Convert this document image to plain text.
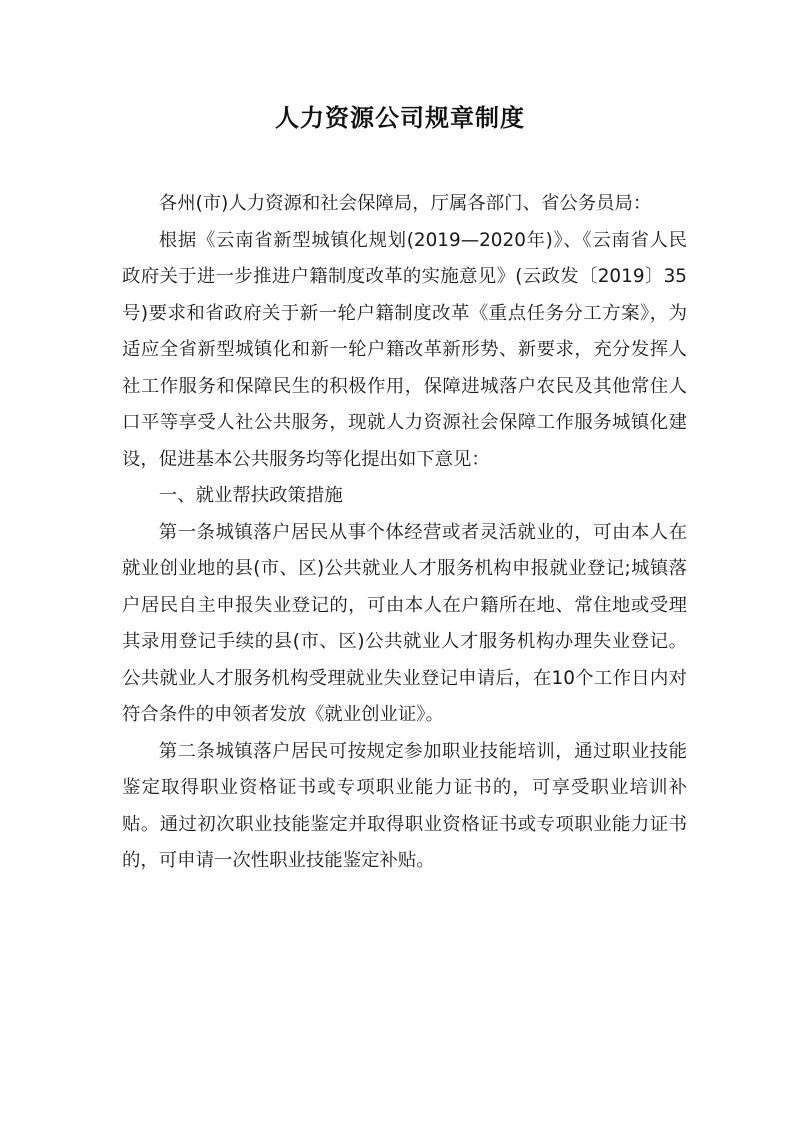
人力资源公司规章制度

各州(市)人力资源和社会保障局，厅属各部门、省公务员局：

根据《云南省新型城镇化规划(2019—2020年)》、《云南省人民政府关于进一步推进户籍制度改革的实施意见》(云政发〔2019〕35号)要求和省政府关于新一轮户籍制度改革《重点任务分工方案》，为适应全省新型城镇化和新一轮户籍改革新形势、新要求，充分发挥人社工作服务和保障民生的积极作用，保障进城落户农民及其他常住人口平等享受人社公共服务，现就人力资源社会保障工作服务城镇化建设，促进基本公共服务均等化提出如下意见：

一、就业帮扶政策措施

第一条城镇落户居民从事个体经营或者灵活就业的，可由本人在就业创业地的县(市、区)公共就业人才服务机构申报就业登记;城镇落户居民自主申报失业登记的，可由本人在户籍所在地、常住地或受理其录用登记手续的县(市、区)公共就业人才服务机构办理失业登记。公共就业人才服务机构受理就业失业登记申请后，在10个工作日内对符合条件的申领者发放《就业创业证》。

第二条城镇落户居民可按规定参加职业技能培训，通过职业技能鉴定取得职业资格证书或专项职业能力证书的，可享受职业培训补贴。通过初次职业技能鉴定并取得职业资格证书或专项职业能力证书的，可申请一次性职业技能鉴定补贴。
